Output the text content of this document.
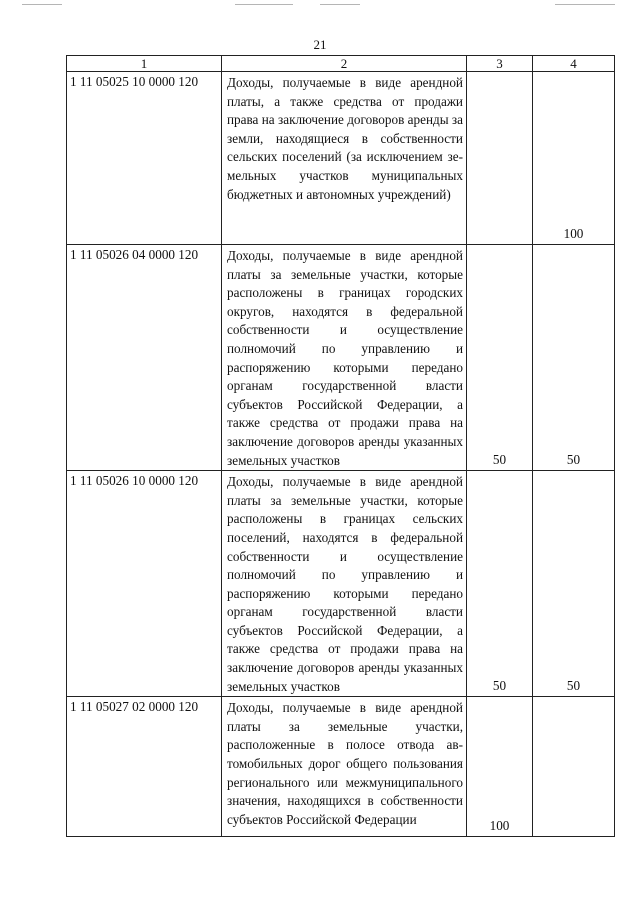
21
1	2	3	4
1 11 05025 10 0000 120	Доходы, получаемые в виде арендной платы, а также средства от продажи права на заключение договоров аренды за земли, находящиеся в собственности сельских поселений (за исключением земельных участков муниципальных бюджетных и автономных учреждений)		100
1 11 05026 04 0000 120	Доходы, получаемые в виде арендной платы за земельные участки, которые расположены в границах городских округов, находятся в федеральной собственности и осуществление полномочий по управлению и распоряжению которыми передано органам государственной власти субъектов Российской Федерации, а также средства от продажи права на заключение договоров аренды указанных земельных участков	50	50
1 11 05026 10 0000 120	Доходы, получаемые в виде арендной платы за земельные участки, которые расположены в границах сельских поселений, находятся в федеральной собственности и осуществление полномочий по управлению и распоряжению которыми передано органам государственной власти субъектов Российской Федерации, а также средства от продажи права на заключение договоров аренды указанных земельных участков	50	50
1 11 05027 02 0000 120	Доходы, получаемые в виде арендной платы за земельные участки, расположенные в полосе отвода автомобильных дорог общего пользования регионального или межмуниципального значения, находящихся в собственности субъектов Российской Федерации	100	
